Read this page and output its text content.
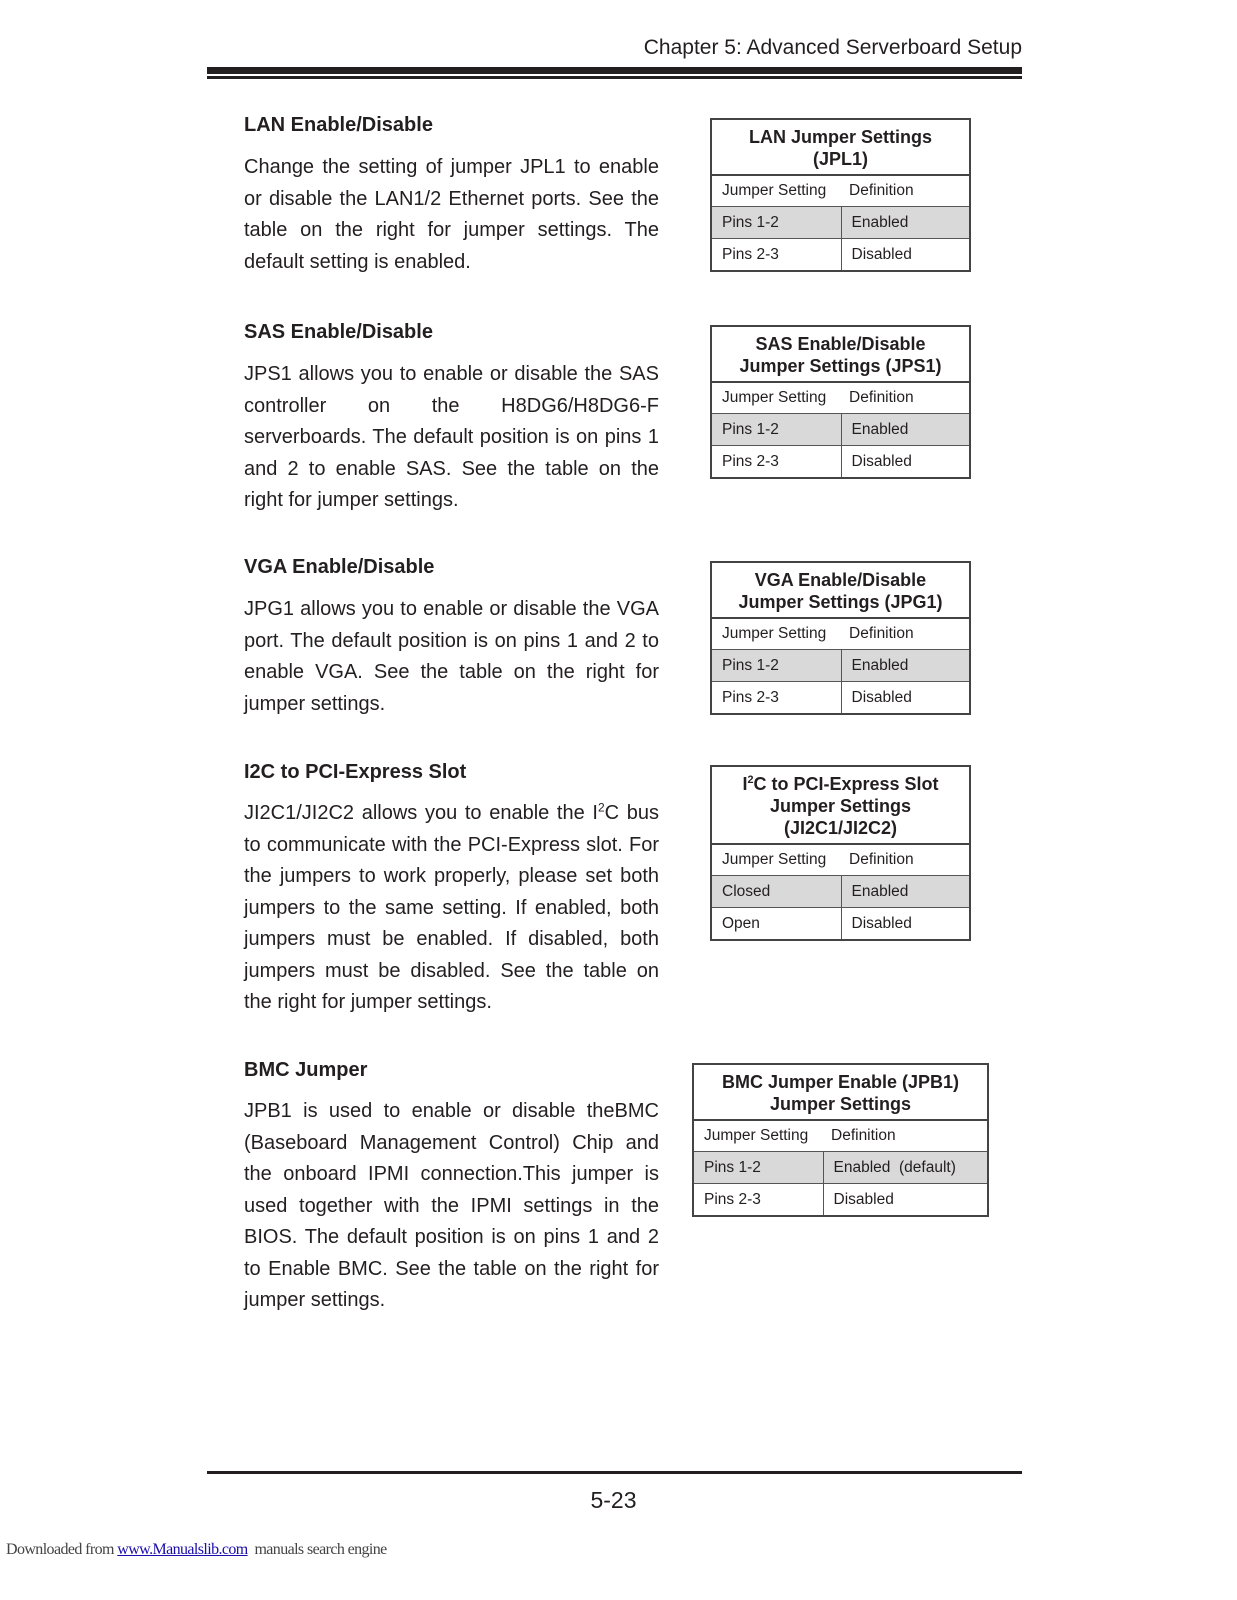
Chapter 5: Advanced Serverboard Setup
LAN Enable/Disable

Change the setting of jumper JPL1 to enable or disable the LAN1/2 Ethernet ports. See the table on the right for jumper settings. The default setting is enabled.

LAN Jumper Settings
(JPL1)	
Jumper Setting	Definition
Pins 1-2	Enabled
Pins 2-3	Disabled
SAS Enable/Disable

JPS1 allows you to enable or disable the SAS controller on the H8DG6/H8DG6-F serverboards. The default position is on pins 1 and 2 to enable SAS. See the table on the right for jumper settings.

SAS Enable/Disable
Jumper Settings (JPS1)	
Jumper Setting	Definition
Pins 1-2	Enabled
Pins 2-3	Disabled
VGA Enable/Disable

JPG1 allows you to enable or disable the VGA port. The default position is on pins 1 and 2 to enable VGA. See the table on the right for jumper settings.

VGA Enable/Disable
Jumper Settings (JPG1)	
Jumper Setting	Definition
Pins 1-2	Enabled
Pins 2-3	Disabled
I2C to PCI-Express Slot

JI2C1/JI2C2 allows you to enable the $I^2C$ bus to communicate with the PCI-Express slot. For the jumpers to work properly, please set both jumpers to the same setting. If enabled, both jumpers must be enabled. If disabled, both jumpers must be disabled. See the table on the right for jumper settings.

$I^2C$ to PCI-Express Slot
Jumper Settings
(JI2C1/JI2C2)	
Jumper Setting	Definition
Closed	Enabled
Open	Disabled
BMC Jumper

JPB1 is used to enable or disable theBMC (Baseboard Management Control) Chip and the onboard IPMI connection.This jumper is used together with the IPMI settings in the BIOS. The default position is on pins 1 and 2 to Enable BMC. See the table on the right for jumper settings.

BMC Jumper Enable (JPB1)
Jumper Settings	
Jumper Setting	Definition
Pins 1-2	Enabled  (default)
Pins 2-3	Disabled
5-23
Downloaded from www.Manualslib.com  manuals search engine
